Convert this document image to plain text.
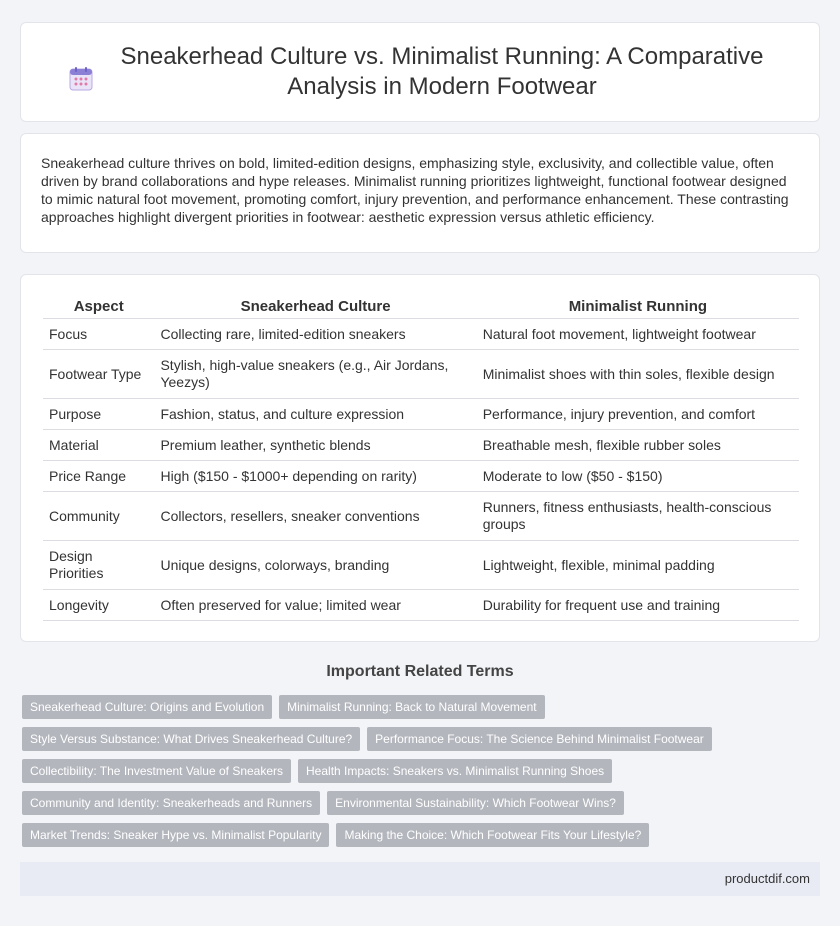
Sneakerhead Culture vs. Minimalist Running: A Comparative Analysis in Modern Footwear

Sneakerhead culture thrives on bold, limited-edition designs, emphasizing style, exclusivity, and collectible value, often driven by brand collaborations and hype releases. Minimalist running prioritizes lightweight, functional footwear designed to mimic natural foot movement, promoting comfort, injury prevention, and performance enhancement. These contrasting approaches highlight divergent priorities in footwear: aesthetic expression versus athletic efficiency.

Aspect	Sneakerhead Culture	Minimalist Running
Focus	Collecting rare, limited-edition sneakers	Natural foot movement, lightweight footwear
Footwear Type	Stylish, high-value sneakers (e.g., Air Jordans, Yeezys)	Minimalist shoes with thin soles, flexible design
Purpose	Fashion, status, and culture expression	Performance, injury prevention, and comfort
Material	Premium leather, synthetic blends	Breathable mesh, flexible rubber soles
Price Range	High ($150 - $1000+ depending on rarity)	Moderate to low ($50 - $150)
Community	Collectors, resellers, sneaker conventions	Runners, fitness enthusiasts, health-conscious groups
Design Priorities	Unique designs, colorways, branding	Lightweight, flexible, minimal padding
Longevity	Often preserved for value; limited wear	Durability for frequent use and training
Important Related Terms
Sneakerhead Culture: Origins and Evolution	Minimalist Running: Back to Natural Movement
Style Versus Substance: What Drives Sneakerhead Culture?	Performance Focus: The Science Behind Minimalist Footwear
Collectibility: The Investment Value of Sneakers	Health Impacts: Sneakers vs. Minimalist Running Shoes
Community and Identity: Sneakerheads and Runners	Environmental Sustainability: Which Footwear Wins?
Market Trends: Sneaker Hype vs. Minimalist Popularity	Making the Choice: Which Footwear Fits Your Lifestyle?
productdif.com
